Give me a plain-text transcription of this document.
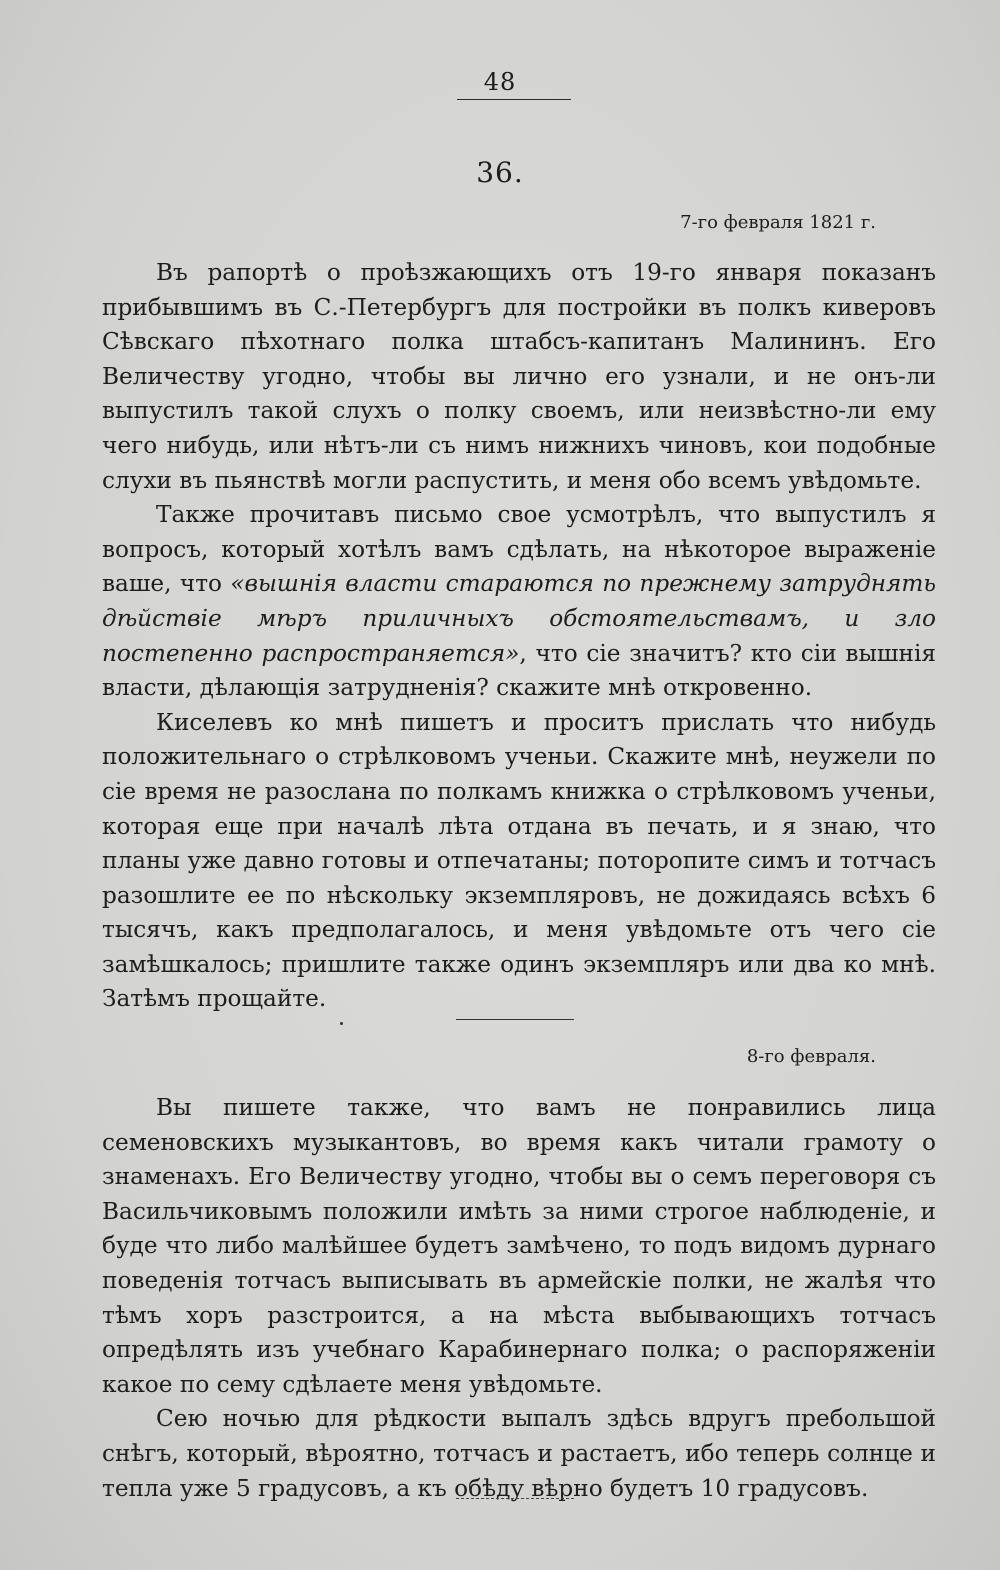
48
36.
7-го февраля 1821 г.

Въ рапортѣ о проѣзжающихъ отъ 19-го января показанъ прибывшимъ въ С.-Петербургъ для постройки въ полкъ киверовъ Сѣвскаго пѣхотнаго полка штабсъ-капитанъ Малининъ. Его Величеству угодно, чтобы вы лично его узнали, и не онъ-ли выпустилъ такой слухъ о полку своемъ, или неизвѣстно-ли ему чего нибудь, или нѣтъ-ли съ нимъ нижнихъ чиновъ, кои подобные слухи въ пьянствѣ могли распустить, и меня обо всемъ увѣдомьте.

Также прочитавъ письмо свое усмотрѣлъ, что выпустилъ я вопросъ, который хотѣлъ вамъ сдѣлать, на нѣкоторое выраженіе ваше, что «вышнія власти стараются по прежнему затруднять дѣйствіе мѣръ приличныхъ обстоятельствамъ, и зло постепенно распространяется», что сіе значитъ? кто сіи вышнія власти, дѣлающія затрудненія? скажите мнѣ откровенно.

Киселевъ ко мнѣ пишетъ и проситъ прислать что нибудь положительнаго о стрѣлковомъ ученьи. Скажите мнѣ, неужели по сіе время не разослана по полкамъ книжка о стрѣлковомъ ученьи, которая еще при началѣ лѣта отдана въ печать, и я знаю, что планы уже давно готовы и отпечатаны; поторопите симъ и тотчасъ разошлите ее по нѣскольку экземпляровъ, не дожидаясь всѣхъ 6 тысячъ, какъ предполагалось, и меня увѣдомьте отъ чего сіе замѣшкалось; пришлите также одинъ экземпляръ или два ко мнѣ. Затѣмъ прощайте.

8-го февраля.

Вы пишете также, что вамъ не понравились лица семеновскихъ музыкантовъ, во время какъ читали грамоту о знаменахъ. Его Величеству угодно, чтобы вы о семъ переговоря съ Васильчиковымъ положили имѣть за ними строгое наблюденіе, и буде что либо малѣйшее будетъ замѣчено, то подъ видомъ дурнаго поведенія тотчасъ выписывать въ армейскіе полки, не жалѣя что тѣмъ хоръ разстроится, а на мѣста выбывающихъ тотчасъ опредѣлять изъ учебнаго Карабинернаго полка; о распоряженіи какое по сему сдѣлаете меня увѣдомьте.

Сею ночью для рѣдкости выпалъ здѣсь вдругъ пребольшой снѣгъ, который, вѣроятно, тотчасъ и растаетъ, ибо теперь солнце и тепла уже 5 градусовъ, а къ обѣду вѣрно будетъ 10 градусовъ.
